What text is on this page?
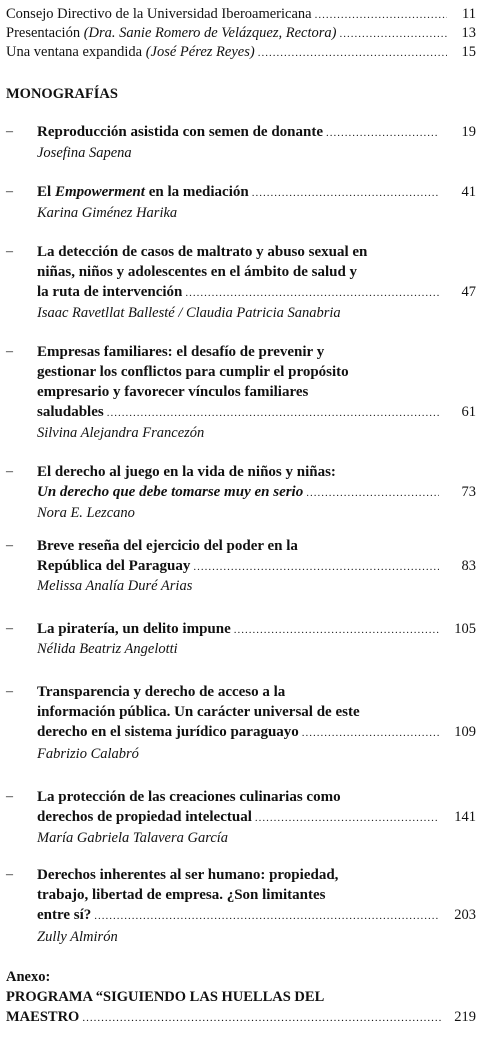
Consejo Directivo de la Universidad Iberoamericana .....	11
Presentación
(Dra. Sanie Romero de Velázquez, Rectora) .....	13
Una ventana expandida
(José Pérez Reyes) .....	15
MONOGRAFÍAS
– Reproducción asistida con semen de donante .....	19
Josefina Sapena
– El Empowerment en la mediación .....	41
Karina Giménez Harika
– La detección de casos de maltrato y abuso sexual en
niñas, niños y adolescentes en el ámbito de salud y
la ruta de intervención .....	47
Isaac Ravetllat Ballesté / Claudia Patricia Sanabria
– Empresas familiares: el desafío de prevenir y
gestionar los conflictos para cumplir el propósito
empresario y favorecer vínculos familiares
saludables .....	61
Silvina Alejandra Francezón
– El derecho al juego en la vida de niños y niñas:
Un derecho que debe tomarse muy en serio .....	73
Nora E. Lezcano
– Breve reseña del ejercicio del poder en la
República del Paraguay .....	83
Melissa Analía Duré Arias
– La piratería, un delito impune .....	105
Nélida Beatriz Angelotti
– Transparencia y derecho de acceso a la
información pública. Un carácter universal de este
derecho en el sistema jurídico paraguayo .....	109
Fabrizio Calabró
– La protección de las creaciones culinarias como
derechos de propiedad intelectual .....	141
María Gabriela Talavera García
– Derechos inherentes al ser humano: propiedad,
trabajo, libertad de empresa. ¿Son limitantes
entre sí? .....	203
Zully Almirón
Anexo:
PROGRAMA “SIGUIENDO LAS HUELLAS DEL
MAESTRO .....	219
